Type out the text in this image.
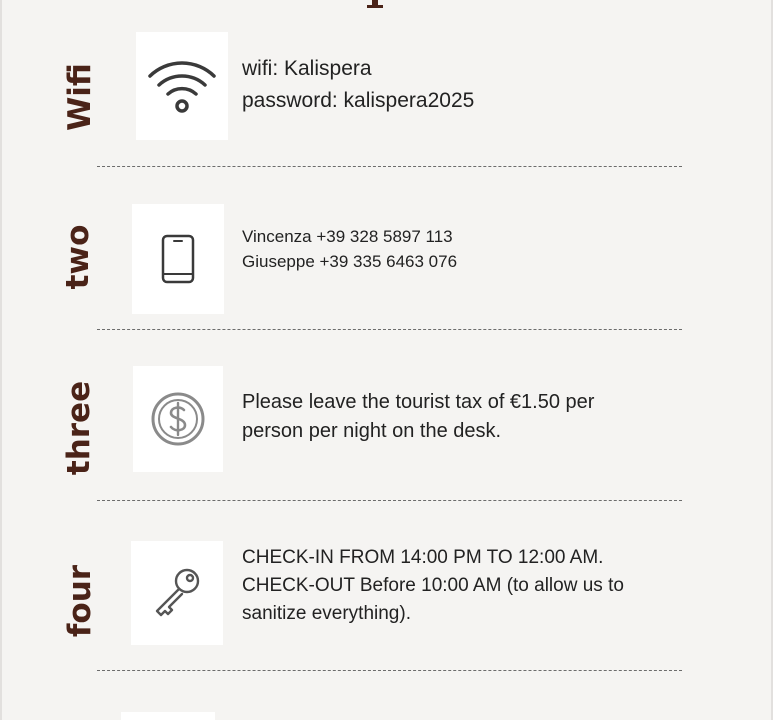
Wifi	wifi: Kalispera
password: kalispera2025
two	Vincenza +39 328 5897 113
Giuseppe +39 335 6463 076
three	Please leave the tourist tax of €1.50 per
person per night on the desk.
four
CHECK-IN FROM 14:00 PM TO 12:00 AM.
CHECK-OUT Before 10:00 AM (to allow us to
sanitize everything).
